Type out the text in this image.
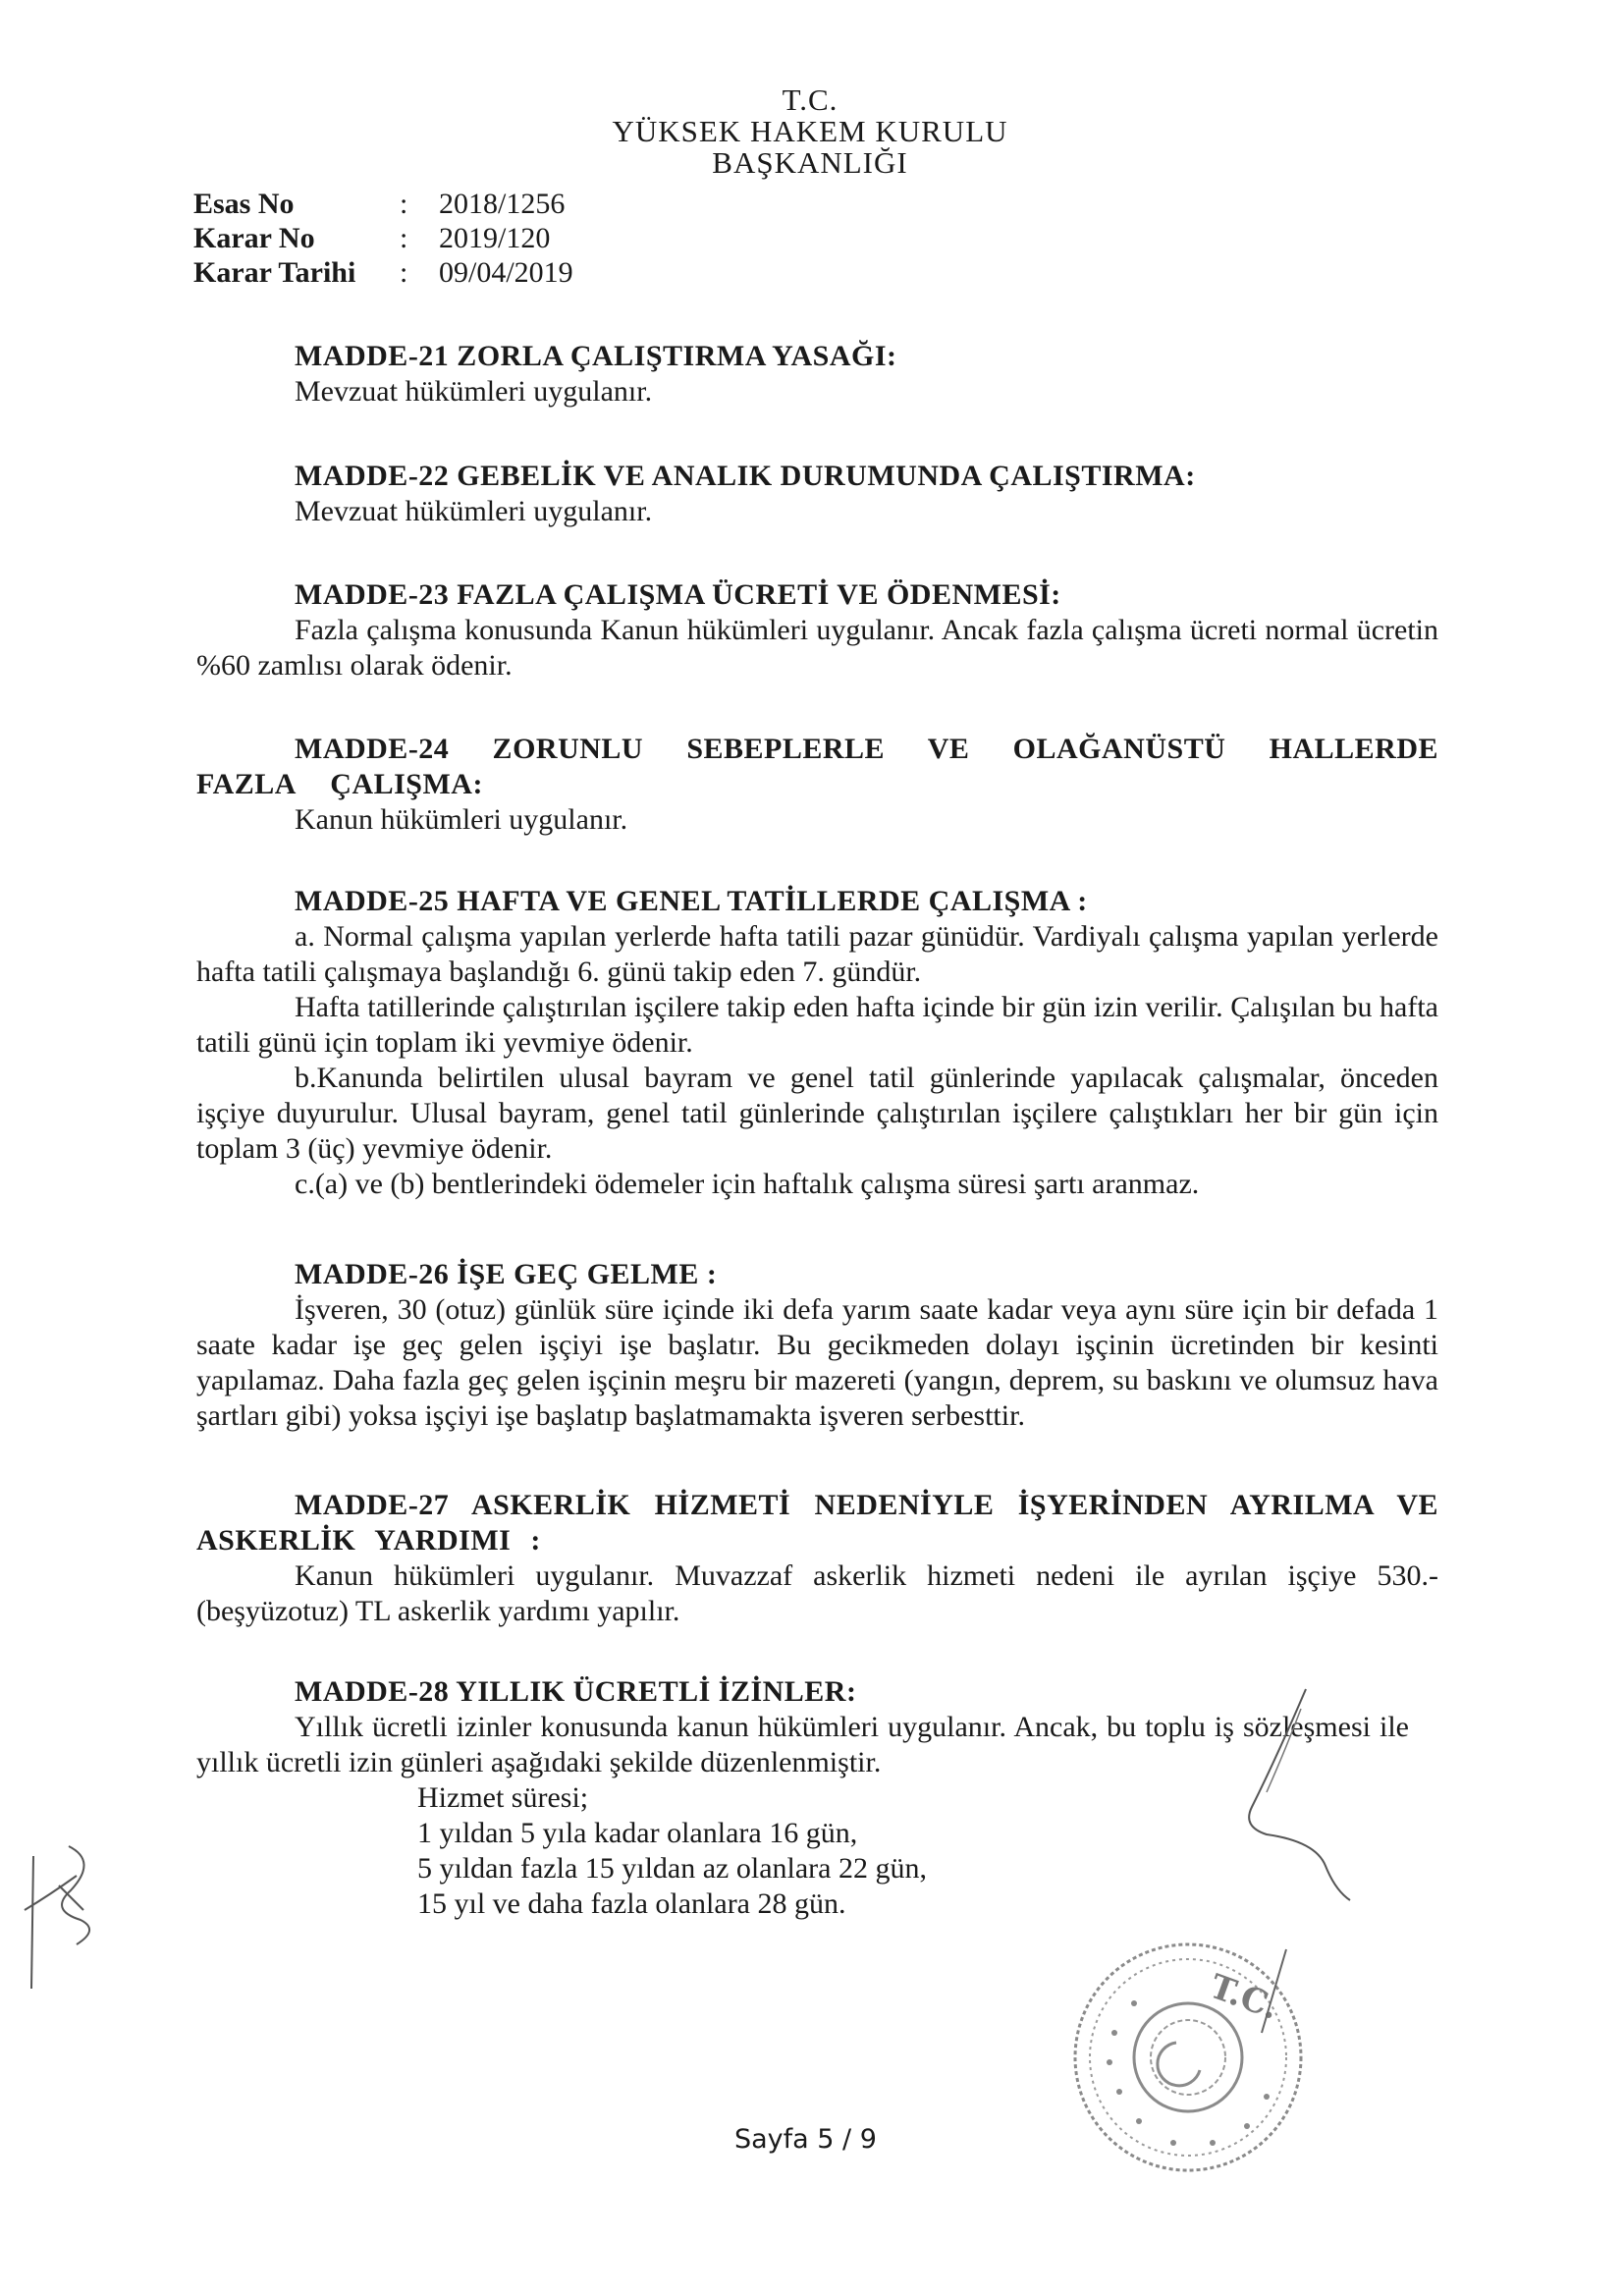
T.C.
YÜKSEK HAKEM KURULU
BAŞKANLIĞI
Esas No	: 2018/1256
Karar No	: 2019/120
Karar Tarihi : 09/04/2019

MADDE-21 ZORLA ÇALIŞTIRMA YASAĞI:

Mevzuat hükümleri uygulanır.

MADDE-22 GEBELİK VE ANALIK DURUMUNDA ÇALIŞTIRMA:

Mevzuat hükümleri uygulanır.

MADDE-23 FAZLA ÇALIŞMA ÜCRETİ VE ÖDENMESİ:

Fazla çalışma konusunda Kanun hükümleri uygulanır. Ancak fazla çalışma ücreti normal ücretin %60 zamlısı olarak ödenir.

MADDE-24 ZORUNLU SEBEPLERLE VE OLAĞANÜSTÜ HALLERDE FAZLA ÇALIŞMA:

Kanun hükümleri uygulanır.

MADDE-25 HAFTA VE GENEL TATİLLERDE ÇALIŞMA :

a. Normal çalışma yapılan yerlerde hafta tatili pazar günüdür. Vardiyalı çalışma yapılan yerlerde hafta tatili çalışmaya başlandığı 6. günü takip eden 7. gündür.

Hafta tatillerinde çalıştırılan işçilere takip eden hafta içinde bir gün izin verilir. Çalışılan bu hafta tatili günü için toplam iki yevmiye ödenir.

b.Kanunda belirtilen ulusal bayram ve genel tatil günlerinde yapılacak çalışmalar, önceden işçiye duyurulur. Ulusal bayram, genel tatil günlerinde çalıştırılan işçilere çalıştıkları her bir gün için toplam 3 (üç) yevmiye ödenir.

c.(a) ve (b) bentlerindeki ödemeler için haftalık çalışma süresi şartı aranmaz.

MADDE-26 İŞE GEÇ GELME :

İşveren, 30 (otuz) günlük süre içinde iki defa yarım saate kadar veya aynı süre için bir defada 1 saate kadar işe geç gelen işçiyi işe başlatır. Bu gecikmeden dolayı işçinin ücretinden bir kesinti yapılamaz. Daha fazla geç gelen işçinin meşru bir mazereti (yangın, deprem, su baskını ve olumsuz hava şartları gibi) yoksa işçiyi işe başlatıp başlatmamakta işveren serbesttir.

MADDE-27 ASKERLİK HİZMETİ NEDENİYLE İŞYERİNDEN AYRILMA VE ASKERLİK YARDIMI :

Kanun hükümleri uygulanır. Muvazzaf askerlik hizmeti nedeni ile ayrılan işçiye 530.-(beşyüzotuz) TL askerlik yardımı yapılır.

MADDE-28 YILLIK ÜCRETLİ İZİNLER:

Yıllık ücretli izinler konusunda kanun hükümleri uygulanır. Ancak, bu toplu iş sözleşmesi ile yıllık ücretli izin günleri aşağıdaki şekilde düzenlenmiştir.

Hizmet süresi;

1 yıldan 5 yıla kadar olanlara 16 gün,

5 yıldan fazla 15 yıldan az olanlara 22 gün,

15 yıl ve daha fazla olanlara 28 gün.

T.C.
Sayfa 5 / 9
